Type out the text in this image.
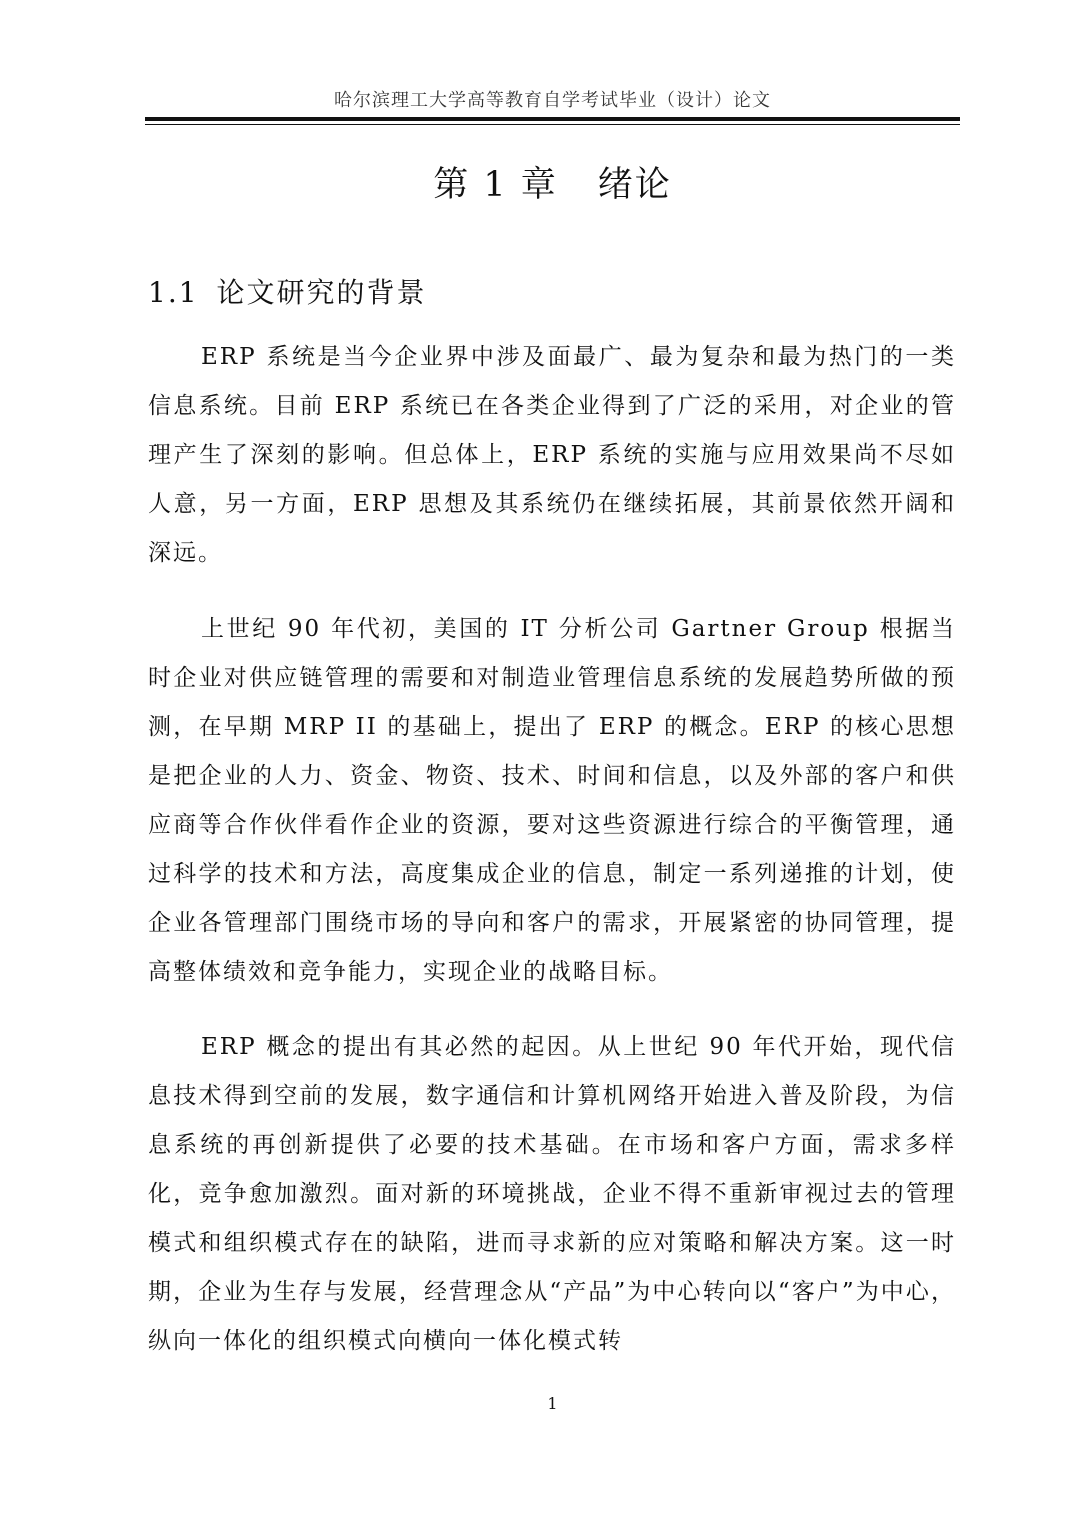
哈尔滨理工大学高等教育自学考试毕业（设计）论文
第 1 章 绪论
1.1 论文研究的背景

ERP 系统是当今企业界中涉及面最广、最为复杂和最为热门的一类信息系统。目前 ERP 系统已在各类企业得到了广泛的采用，对企业的管理产生了深刻的影响。但总体上，ERP 系统的实施与应用效果尚不尽如人意，另一方面，ERP 思想及其系统仍在继续拓展，其前景依然开阔和深远。

上世纪 90 年代初，美国的 IT 分析公司 Gartner Group 根据当时企业对供应链管理的需要和对制造业管理信息系统的发展趋势所做的预测，在早期 MRP II 的基础上，提出了 ERP 的概念。ERP 的核心思想是把企业的人力、资金、物资、技术、时间和信息，以及外部的客户和供应商等合作伙伴看作企业的资源，要对这些资源进行综合的平衡管理，通过科学的技术和方法，高度集成企业的信息，制定一系列递推的计划，使企业各管理部门围绕市场的导向和客户的需求，开展紧密的协同管理，提高整体绩效和竞争能力，实现企业的战略目标。

ERP 概念的提出有其必然的起因。从上世纪 90 年代开始，现代信息技术得到空前的发展，数字通信和计算机网络开始进入普及阶段，为信息系统的再创新提供了必要的技术基础。在市场和客户方面，需求多样化，竞争愈加激烈。面对新的环境挑战，企业不得不重新审视过去的管理模式和组织模式存在的缺陷，进而寻求新的应对策略和解决方案。这一时期，企业为生存与发展，经营理念从“产品”为中心转向以“客户”为中心，纵向一体化的组织模式向横向一体化模式转

1
